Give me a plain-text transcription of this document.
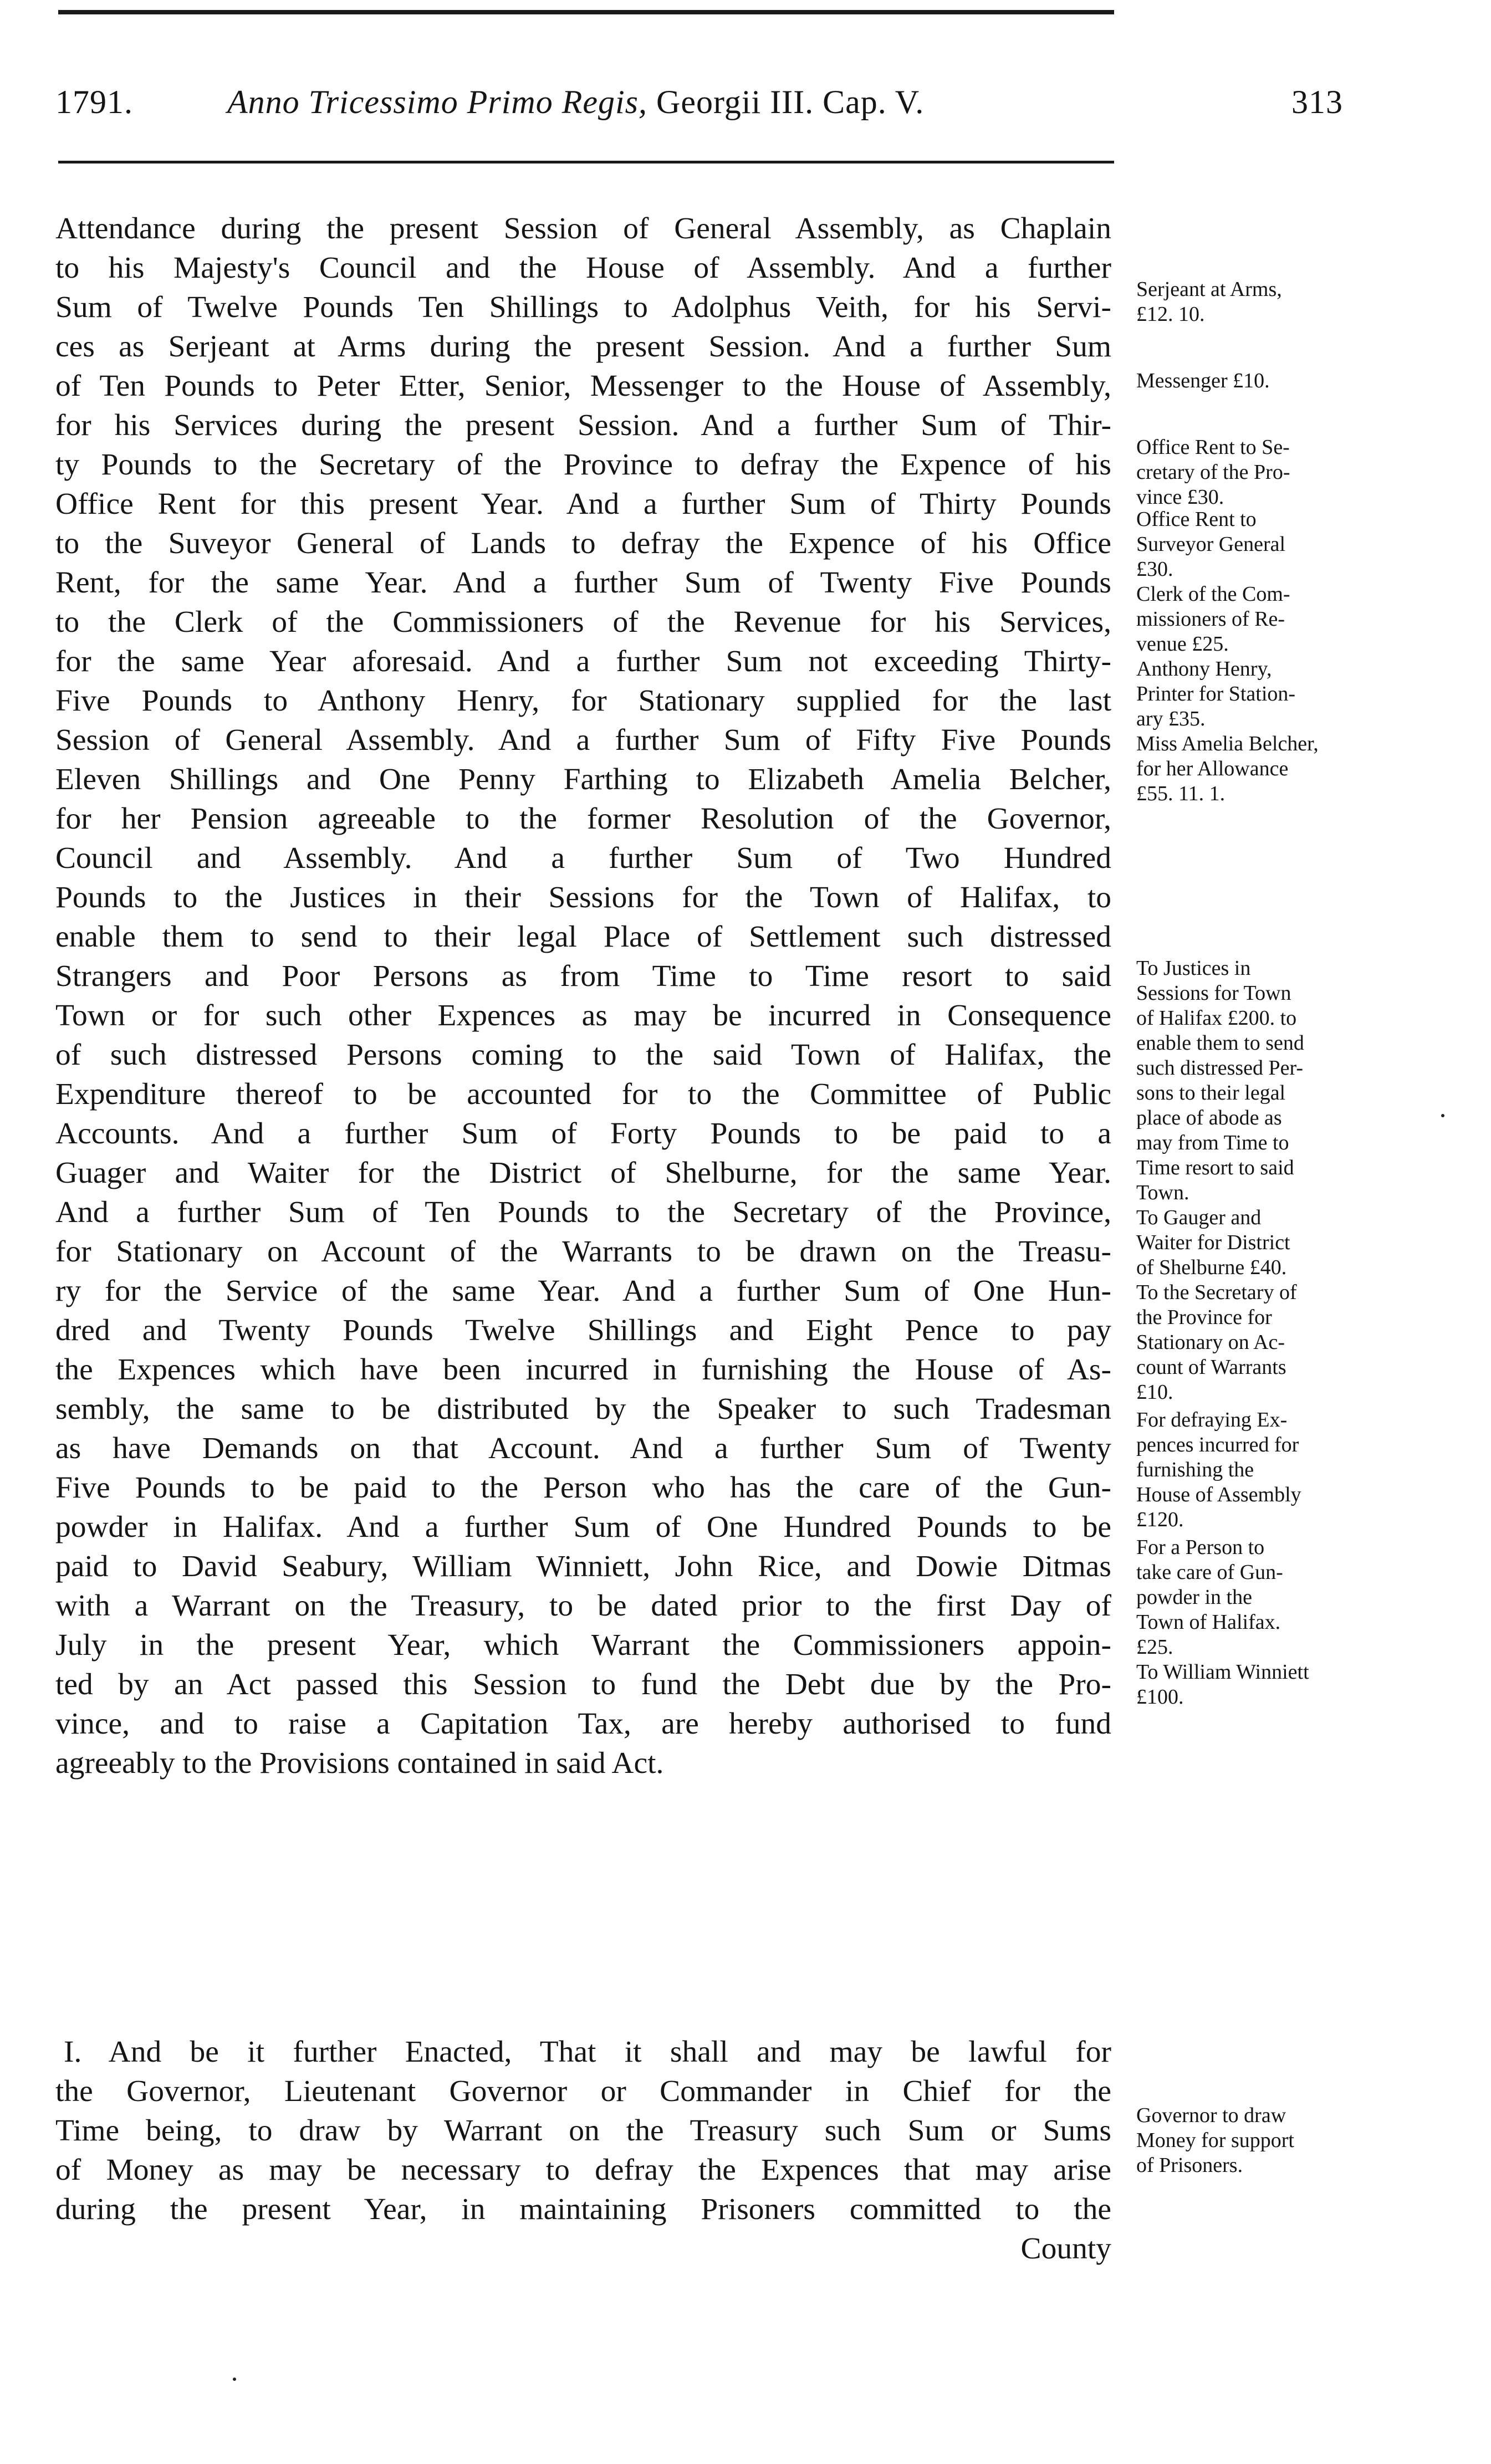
1791.	Anno Tricessimo Primo Regis, Georgii III. Cap. V.	313
Attendance during the present Session of General Assembly, as Chaplain
to his Majesty's Council and the House of Assembly. And a further
Sum of Twelve Pounds Ten Shillings to Adolphus Veith, for his Servi-
ces as Serjeant at Arms during the present Session. And a further Sum
of Ten Pounds to Peter Etter, Senior, Messenger to the House of Assembly,
for his Services during the present Session. And a further Sum of Thir-
ty Pounds to the Secretary of the Province to defray the Expence of his
Office Rent for this present Year. And a further Sum of Thirty Pounds
to the Suveyor General of Lands to defray the Expence of his Office
Rent, for the same Year. And a further Sum of Twenty Five Pounds
to the Clerk of the Commissioners of the Revenue for his Services,
for the same Year aforesaid. And a further Sum not exceeding Thirty-
Five Pounds to Anthony Henry, for Stationary supplied for the last
Session of General Assembly. And a further Sum of Fifty Five Pounds
Eleven Shillings and One Penny Farthing to Elizabeth Amelia Belcher,
for her Pension agreeable to the former Resolution of the Governor,
Council and Assembly. And a further Sum of Two Hundred
Pounds to the Justices in their Sessions for the Town of Halifax, to
enable them to send to their legal Place of Settlement such distressed
Strangers and Poor Persons as from Time to Time resort to said
Town or for such other Expences as may be incurred in Consequence
of such distressed Persons coming to the said Town of Halifax, the
Expenditure thereof to be accounted for to the Committee of Public
Accounts. And a further Sum of Forty Pounds to be paid to a
Guager and Waiter for the District of Shelburne, for the same Year.
And a further Sum of Ten Pounds to the Secretary of the Province,
for Stationary on Account of the Warrants to be drawn on the Treasu-
ry for the Service of the same Year. And a further Sum of One Hun-
dred and Twenty Pounds Twelve Shillings and Eight Pence to pay
the Expences which have been incurred in furnishing the House of As-
sembly, the same to be distributed by the Speaker to such Tradesman
as have Demands on that Account. And a further Sum of Twenty
Five Pounds to be paid to the Person who has the care of the Gun-
powder in Halifax. And a further Sum of One Hundred Pounds to be
paid to David Seabury, William Winniett, John Rice, and Dowie Ditmas
with a Warrant on the Treasury, to be dated prior to the first Day of
July in the present Year, which Warrant the Commissioners appoin-
ted by an Act passed this Session to fund the Debt due by the Pro-
vince, and to raise a Capitation Tax, are hereby authorised to fund
agreeably to the Provisions contained in said Act.
I. And be it further Enacted, That it shall and may be lawful for
the Governor, Lieutenant Governor or Commander in Chief for the
Time being, to draw by Warrant on the Treasury such Sum or Sums
of Money as may be necessary to defray the Expences that may arise
during the present Year, in maintaining Prisoners committed to the
County
Serjeant at Arms,
£12. 10.
Messenger £10.
Office Rent to Se-
cretary of the Pro-
vince £30.
Office Rent to
Surveyor General
£30.
Clerk of the Com-
missioners of Re-
venue £25.
Anthony Henry,
Printer for Station-
ary £35.
Miss Amelia Belcher,
for her Allowance
£55. 11. 1.
To Justices in
Sessions for Town
of Halifax £200. to
enable them to send
such distressed Per-
sons to their legal
place of abode as
may from Time to
Time resort to said
Town.
To Gauger and
Waiter for District
of Shelburne £40.
To the Secretary of
the Province for
Stationary on Ac-
count of Warrants
£10.
For defraying Ex-
pences incurred for
furnishing the
House of Assembly
£120.
For a Person to
take care of Gun-
powder in the
Town of Halifax.
£25.
To William Winniett
£100.
Governor to draw
Money for support
of Prisoners.
